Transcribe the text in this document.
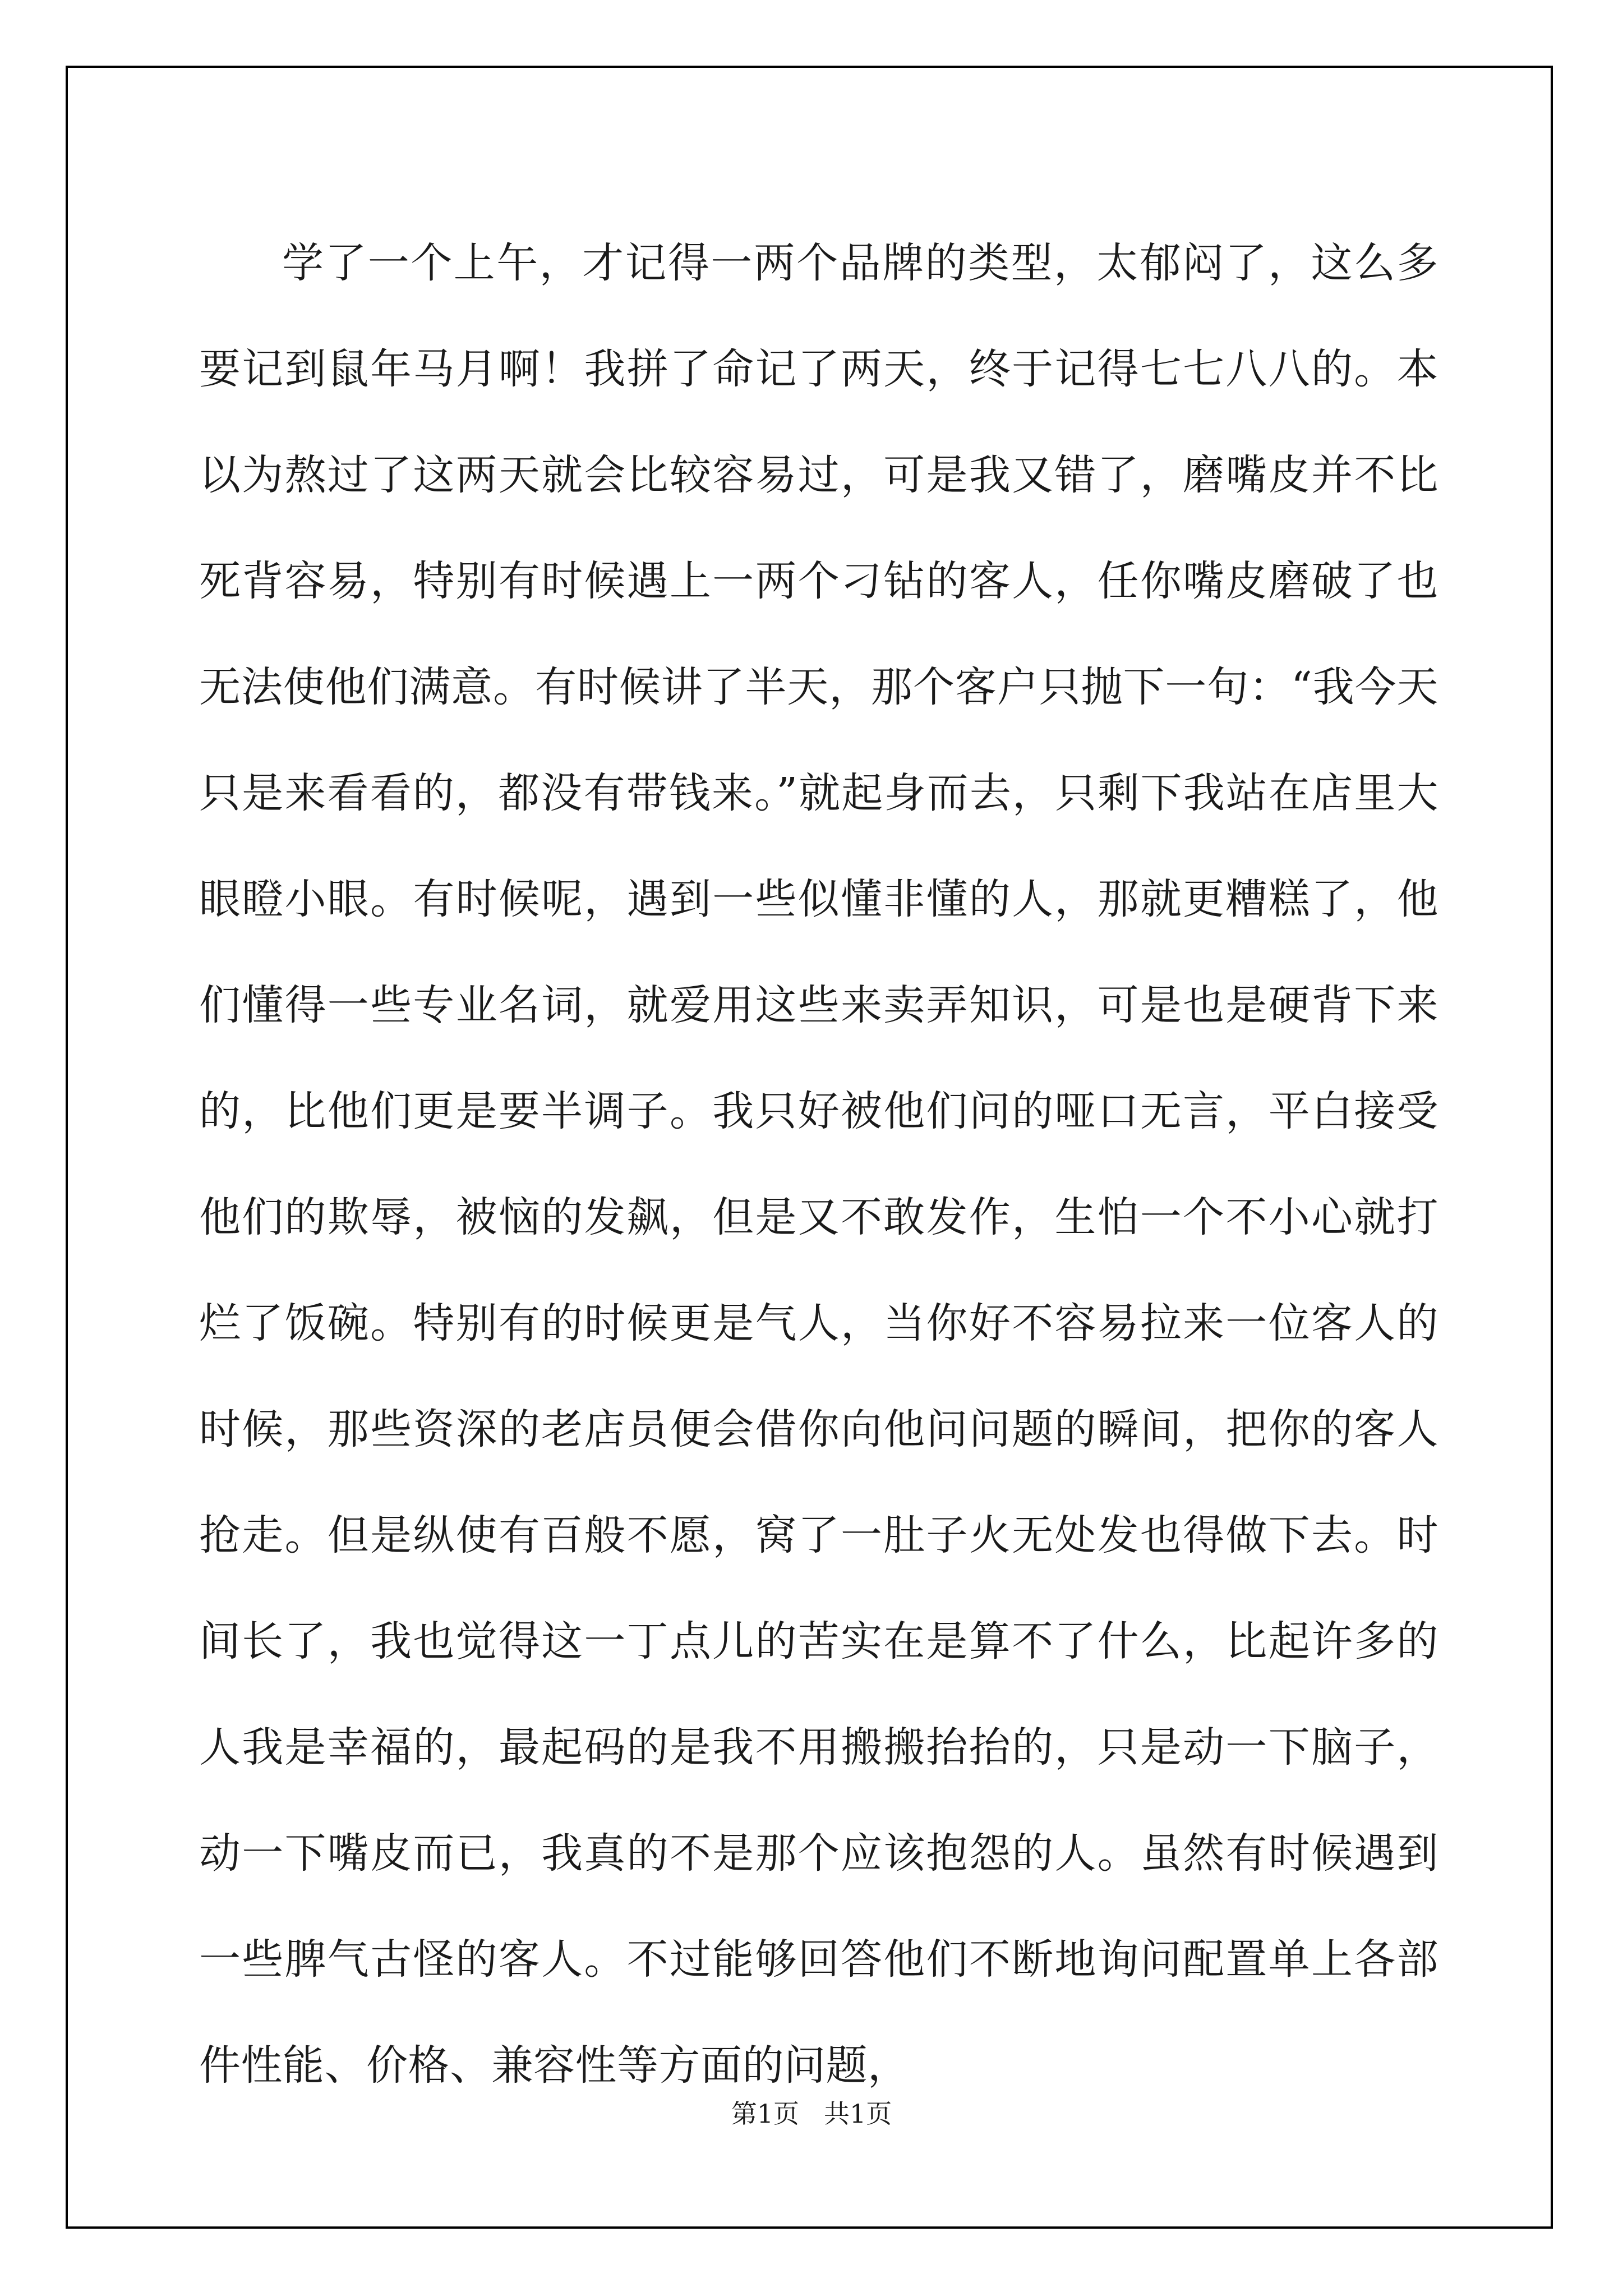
学了一个上午，才记得一两个品牌的类型，太郁闷了，这么多要记到鼠年马月啊！我拼了命记了两天，终于记得七七八八的。本以为熬过了这两天就会比较容易过，可是我又错了，磨嘴皮并不比死背容易，特别有时候遇上一两个刁钻的客人，任你嘴皮磨破了也无法使他们满意。有时候讲了半天，那个客户只抛下一句：“我今天只是来看看的，都没有带钱来。”就起身而去，只剩下我站在店里大眼瞪小眼。有时候呢，遇到一些似懂非懂的人，那就更糟糕了，他们懂得一些专业名词，就爱用这些来卖弄知识，可是也是硬背下来的，比他们更是要半调子。我只好被他们问的哑口无言，平白接受他们的欺辱，被恼的发飙，但是又不敢发作，生怕一个不小心就打烂了饭碗。特别有的时候更是气人，当你好不容易拉来一位客人的时候，那些资深的老店员便会借你向他问问题的瞬间，把你的客人抢走。但是纵使有百般不愿，窝了一肚子火无处发也得做下去。时间长了，我也觉得这一丁点儿的苦实在是算不了什么，比起许多的人我是幸福的，最起码的是我不用搬搬抬抬的，只是动一下脑子，动一下嘴皮而已，我真的不是那个应该抱怨的人。虽然有时候遇到一些脾气古怪的客人。不过能够回答他们不断地询问配置单上各部件性能、价格、兼容性等方面的问题，

第1页 共1页
